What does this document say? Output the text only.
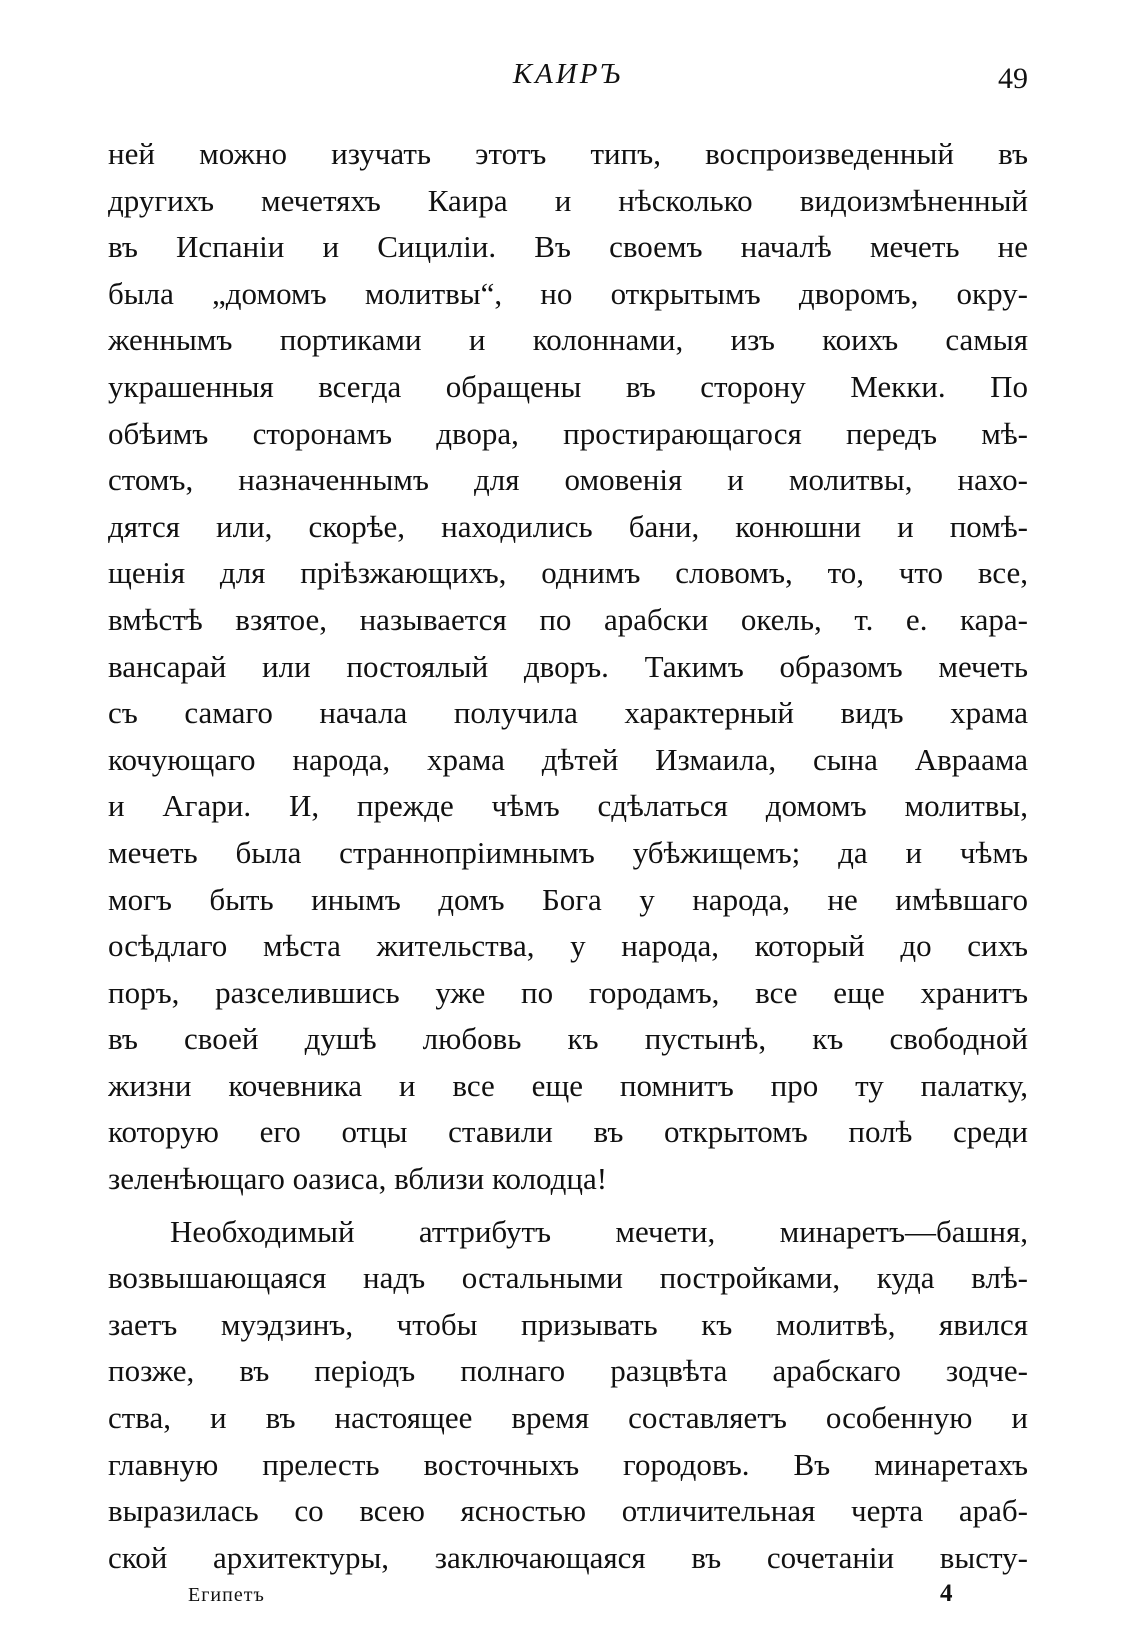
КАИРЪ	49
ней можно изучать этотъ типъ, воспроизведенный въ
другихъ мечетяхъ Каира и нѣсколько видоизмѣненный
въ Испаніи и Сициліи. Въ своемъ началѣ мечеть не
была „домомъ молитвы“, но открытымъ дворомъ, окру-
женнымъ портиками и колоннами, изъ коихъ самыя
украшенныя всегда обращены въ сторону Мекки. По
обѣимъ сторонамъ двора, простирающагося передъ мѣ-
стомъ, назначеннымъ для омовенія и молитвы, нахо-
дятся или, скорѣе, находились бани, конюшни и помѣ-
щенія для пріѣзжающихъ, однимъ словомъ, то, что все,
вмѣстѣ взятое, называется по арабски окель, т. е. кара-
вансарай или постоялый дворъ. Такимъ образомъ мечеть
съ самаго начала получила характерный видъ храма
кочующаго народа, храма дѣтей Измаила, сына Авраама
и Агари. И, прежде чѣмъ сдѣлаться домомъ молитвы,
мечеть была страннопріимнымъ убѣжищемъ; да и чѣмъ
могъ быть инымъ домъ Бога у народа, не имѣвшаго
осѣдлаго мѣста жительства, у народа, который до сихъ
поръ, разселившись уже по городамъ, все еще хранитъ
въ своей душѣ любовь къ пустынѣ, къ свободной
жизни кочевника и все еще помнитъ про ту палатку,
которую его отцы ставили въ открытомъ полѣ среди
зеленѣющаго оазиса, вблизи колодца!
Необходимый аттрибутъ мечети, минаретъ—башня,
возвышающаяся надъ остальными постройками, куда влѣ-
заетъ муэдзинъ, чтобы призывать къ молитвѣ, явился
позже, въ періодъ полнаго разцвѣта арабскаго зодче-
ства, и въ настоящее время составляетъ особенную и
главную прелесть восточныхъ городовъ. Въ минаретахъ
выразилась со всею ясностью отличительная черта араб-
ской архитектуры, заключающаяся въ сочетаніи высту-
Египетъ	4
